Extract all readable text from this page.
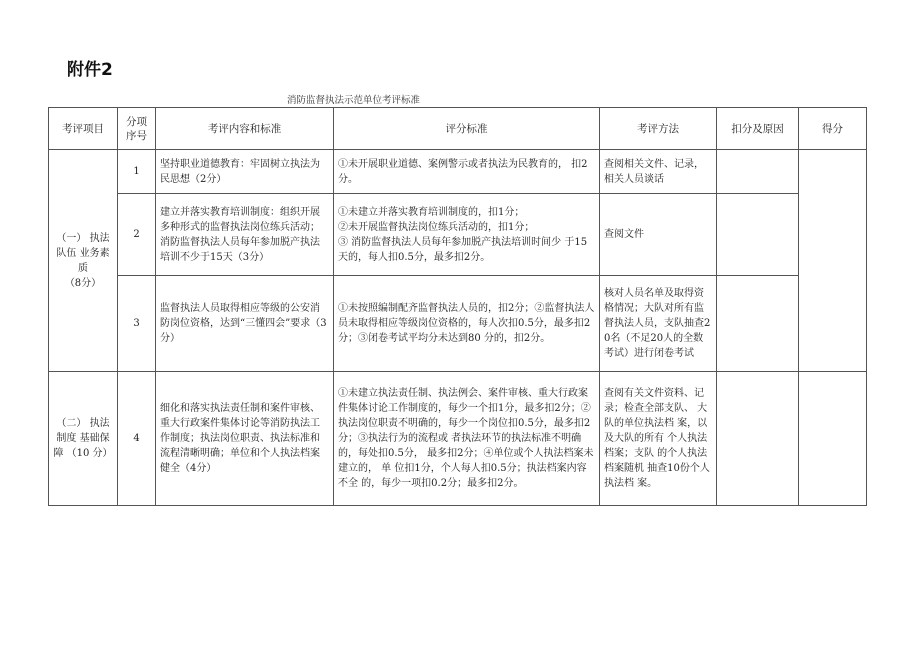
附件2
消防监督执法示范单位考评标准
考评项目	分项序号	考评内容和标准	评分标准	考评方法	扣分及原因	得分

（一） 执法队伍 业务素质
（8分）	1	坚持职业道德教育：牢固树立执法为民思想（2分）	①未开展职业道德、案例警示或者执法为民教育的， 扣2分。	查阅相关文件、记录， 相关人员谈话		
	2	建立并落实教育培训制度：组织开展多种形式的监督执法岗位练兵活动；消防监督执法人员每年参加脱产执法培训不少于15天（3分）	①未建立并落实教育培训制度的，扣1分；
②未开展监督执法岗位练兵活动的，扣1分；
③ 消防监督执法人员每年参加脱产执法培训时间少 于15天的，每人扣0.5分，最多扣2分。	查阅文件		
	3	监督执法人员取得相应等级的公安消防岗位资格，达到“三懂四会”要求（3分）	①未按照编制配齐监督执法人员的，扣2分；②监督执法人员未取得相应等级岗位资格的，每人次扣0.5分，最多扣2分；③闭卷考试平均分未达到80 分的，扣2分。	核对人员名单及取得资格情况；大队对所有监督执法人员，支队抽查20名（不足20人的全数考试）进行闭卷考试		

（二） 执法制度 基础保障 （10 分）	4	细化和落实执法责任制和案件审核、重大行政案件集体讨论等消防执法工作制度；执法岗位职责、执法标准和流程清晰明确；单位和个人执法档案健全（4分）	①未建立执法责任制、执法例会、案件审核、重大行政案件集体讨论工作制度的，每少一个扣1分，最多扣2分；②执法岗位职责不明确的，每少一个岗位扣0.5分，最多扣2分；③执法行为的流程或 者执法环节的执法标准不明确的，每处扣0.5分， 最多扣2分；④单位或个人执法档案未建立的， 单 位扣1分，个人每人扣0.5分；执法档案内容不全 的，每少一项扣0.2分；最多扣2分。	查阅有关文件资料、记录；检查全部支队、 大队的单位执法档 案，以及大队的所有 个人执法档案；支队 的个人执法档案随机 抽查10份个人执法档 案。		
